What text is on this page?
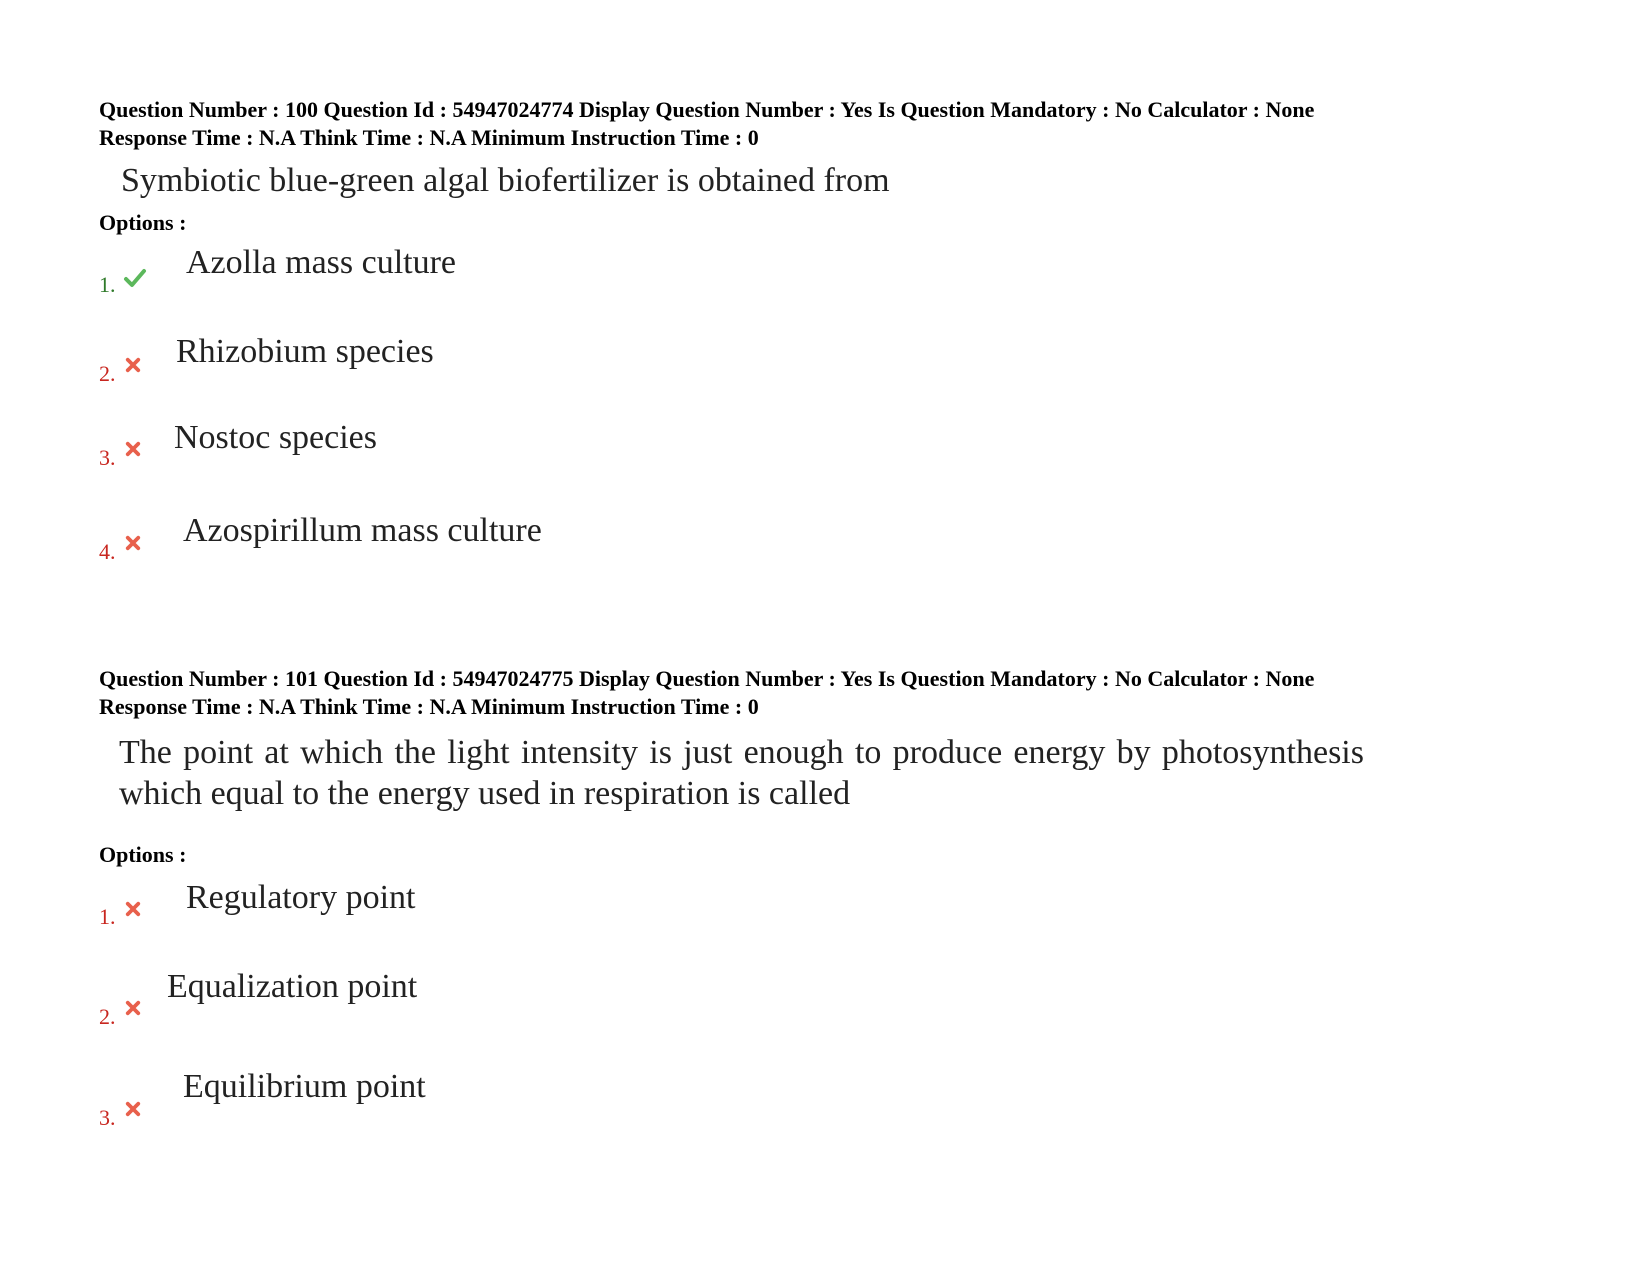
Question Number : 100 Question Id : 54947024774 Display Question Number : Yes Is Question Mandatory : No Calculator : None
Response Time : N.A Think Time : N.A Minimum Instruction Time : 0
Symbiotic blue-green algal biofertilizer is obtained from
Options :
1.
Azolla mass culture
2.
Rhizobium species
3.
Nostoc species
4.
Azospirillum mass culture
Question Number : 101 Question Id : 54947024775 Display Question Number : Yes Is Question Mandatory : No Calculator : None
Response Time : N.A Think Time : N.A Minimum Instruction Time : 0
The point at which the light intensity is just enough to produce energy by photosynthesis which equal to the energy used in respiration is called
Options :
1.
Regulatory point
2.
Equalization point
3.
Equilibrium point
